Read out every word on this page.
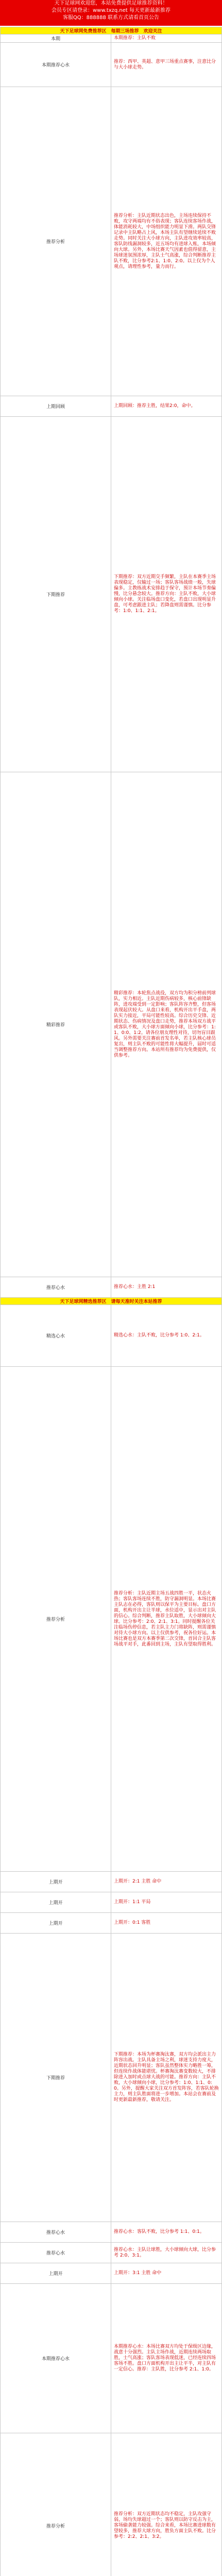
天下足球网欢迎您，本站免费提供足球推荐资料！
会员专区请登录：www.txzq.net 每天更新最新推荐
客服QQ：888888 联系方式请看首页公告
天下足球网免费推荐区　每期三场推荐　欢迎关注	
本期	本期推荐：主队不败
本期推荐心水	推荐：西甲、英超、意甲三场重点赛事，注意比分与大小球走势。
推荐分析	推荐分析：主队近期状态出色，主场连续保持不败，攻守两端均有不俗表现；客队连续客场作战，体能消耗较大，中场组织能力明显下滑。两队交锋记录中主队略占上风，本场主队有望继续延续不败走势。同时关注大小球方向，主队进攻效率较高，客队防线漏洞较多，近五场均有进球入账，本场倾向大球。另外，本场比赛天气因素也值得留意，主场球迷氛围浓厚，主队士气高涨，综合判断推荐主队不败，比分参考2:1、1:0、2:0。以上仅为个人观点，请理性参考，量力而行。
上期回顾	上期回顾：推荐主胜，结果2:0，命中。
下期推荐	下期推荐：双方近期交手频繁，主队在本赛季主场表现稳定，仅输过一场；客队客场战绩一般，失球偏多。主教练战术安排趋于保守，预计本场节奏偏慢，比分悬念较大。推荐方向：主队不败，大小球倾向小球。关注临场盘口变化，若盘口出现明显升盘，可考虑跟进主队；若降盘则需谨慎。比分参考：1:0、1:1、2:1。
精彩推荐	精彩推荐：本轮焦点战役，双方均为积分榜前列球队，实力相近。主队近期伤病较多，核心前锋缺阵，进攻端受到一定影响；客队阵容齐整，但客场表现起伏较大。从盘口来看，机构开出平手盘，两队实力接近，平局可能性较高。综合历史交锋、近期状态、伤病情况及盘口走势，推荐本场双方战平或客队不败，大小球方面倾向小球，比分参考：1:1、0:0、1:2。请各位朋友理性对待，切勿盲目跟风。另外需要关注赛前首发名单，若主队核心球员复出，则主队不败的可能性将大幅提升，届时可适当调整推荐方向。本站所有推荐均为免费提供，仅供参考。
推荐心水	推荐心水：主胜 2:1
天下足球网精选推荐区　请每天准时关注本站推荐	
精选心水	精选心水：主队不败，比分参考 1:0、2:1。
推荐分析	推荐分析：主队近期主场五战四胜一平，状态火热；客队客场连续不胜，防守漏洞明显。本场比赛主队志在必得，客队则以保平为主要目标。盘口方面，机构开出主让半球，水位适中，显示出对主队的信心。综合判断，推荐主队取胜，大小球倾向大球。比分参考：2:0、2:1、3:1。同时提醒各位关注临场伤停信息，若主队主力门将缺阵，则需谨慎对待大小球方向。以上仅供参考，祝各位好运。本场比赛也是双方本赛季第二次交锋，首回合主队客场战平对手，此番回到主场，主队有望取得胜利。
上期开	上期开：2:1 主胜 命中
上期开	上期开：1:1 平局
上期开	上期开：0:1 客胜
下期推荐	下期推荐：本场为杯赛淘汰赛，双方均会派出主力阵容出战。主队具备主场之利，球迷支持力度大，近期状态回升明显；客队虽然整体实力略胜一筹，但连续作战体能堪忧。杯赛淘汰赛变数较大，不排除进入加时或点球大战的可能。推荐方向：主队不败，大小球倾向小球，比分参考：1:0、1:1、0:0。另外，提醒大家关注双方首发阵容，若客队轮换主力，则主队胜面将进一步增加。本站会在赛前及时更新最新推荐，敬请关注。
推荐心水	推荐心水：客队不败，比分参考 1:1、0:1。
推荐心水	推荐心水：主队让球胜，大小球倾向大球，比分参考 2:0、3:1。
上期开	上期开：3:1 主胜 命中
本期推荐心水	本期推荐心水：本场比赛双方均处于保级区边缘，战意十分强烈。主队主场作战，近期连续两场取胜，士气高涨；客队客场表现低迷，已经连续四场客场不胜。盘口方面机构开出主让平半，对主队有一定信心。推荐：主队胜，比分参考 2:1、1:0。
推荐分析	推荐分析：双方近期状态均不稳定，主队攻强守弱，场均失球超过一个；客队则以防守反击为主，客场偷袭能力较强。综合来看，本场比赛进球数有望较多，推荐大球方向，胜负方面主队不败。比分参考：2:2、2:1、3:2。
